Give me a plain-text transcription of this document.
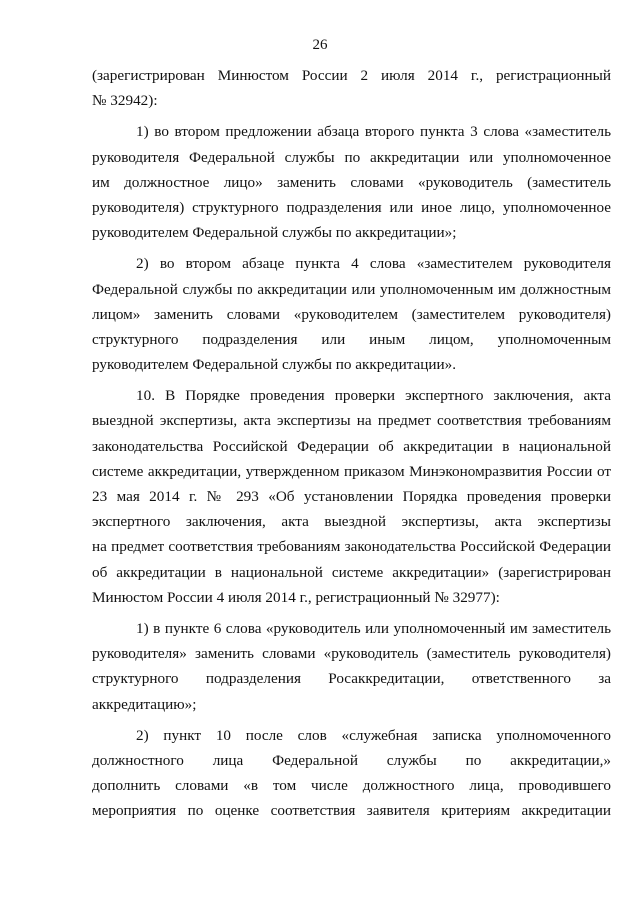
26
(зарегистрирован Минюстом России 2 июля 2014 г., регистрационный
№ 32942):
1) во втором предложении абзаца второго пункта 3 слова «заместитель
руководителя Федеральной службы по аккредитации или уполномоченное
им должностное лицо» заменить словами «руководитель (заместитель
руководителя) структурного подразделения или иное лицо, уполномоченное
руководителем Федеральной службы по аккредитации»;
2) во втором абзаце пункта 4 слова «заместителем руководителя
Федеральной службы по аккредитации или уполномоченным им должностным
лицом» заменить словами «руководителем (заместителем руководителя)
структурного подразделения или иным лицом, уполномоченным
руководителем Федеральной службы по аккредитации».
10. В Порядке проведения проверки экспертного заключения, акта
выездной экспертизы, акта экспертизы на предмет соответствия требованиям
законодательства Российской Федерации об аккредитации в национальной
системе аккредитации, утвержденном приказом Минэкономразвития России от
23 мая 2014 г. № 293 «Об установлении Порядка проведения проверки
экспертного заключения, акта выездной экспертизы, акта экспертизы
на предмет соответствия требованиям законодательства Российской Федерации
об аккредитации в национальной системе аккредитации» (зарегистрирован
Минюстом России 4 июля 2014 г., регистрационный № 32977):
1) в пункте 6 слова «руководитель или уполномоченный им заместитель
руководителя» заменить словами «руководитель (заместитель руководителя)
структурного подразделения Росаккредитации, ответственного за
аккредитацию»;
2) пункт 10 после слов «служебная записка уполномоченного
должностного лица Федеральной службы по аккредитации,»
дополнить словами «в том числе должностного лица, проводившего
мероприятия по оценке соответствия заявителя критериям аккредитации
